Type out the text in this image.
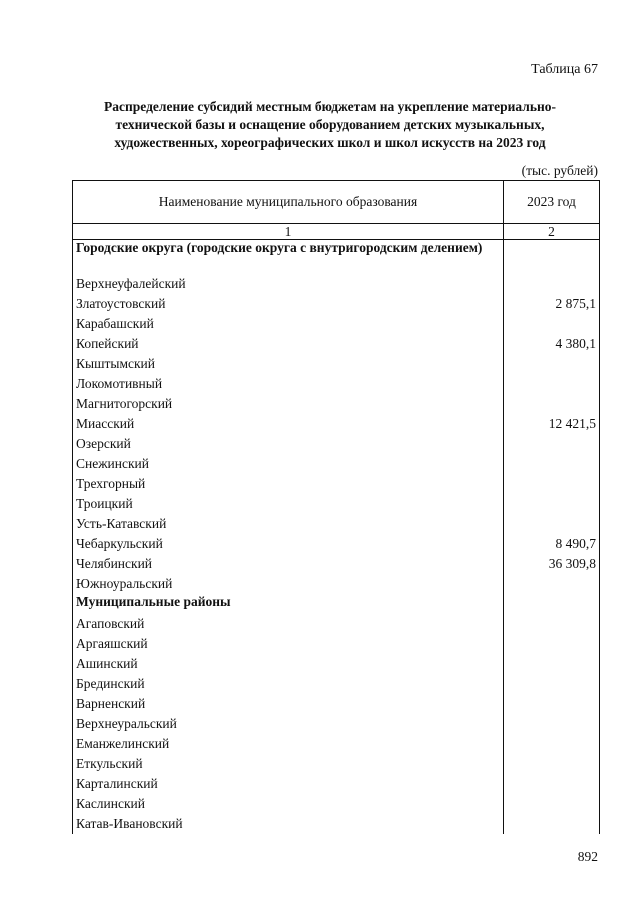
Таблица 67
Распределение субсидий местным бюджетам на укрепление материально-технической базы и оснащение оборудованием детских музыкальных, художественных, хореографических школ и школ искусств на 2023 год
(тыс. рублей)
Наименование муниципального образования	2023 год
1	2
Городские округа (городские округа с внутригородским делением)	
Верхнеуфалейский	
Златоустовский	2 875,1
Карабашский	
Копейский	4 380,1
Кыштымский	
Локомотивный	
Магнитогорский	
Миасский	12 421,5
Озерский	
Снежинский	
Трехгорный	
Троицкий	
Усть-Катавский	
Чебаркульский	8 490,7
Челябинский	36 309,8
Южноуральский	
Муниципальные районы	
Агаповский	
Аргаяшский	
Ашинский	
Брединский	
Варненский	
Верхнеуральский	
Еманжелинский	
Еткульский	
Карталинский	
Каслинский	
Катав-Ивановский	
892
